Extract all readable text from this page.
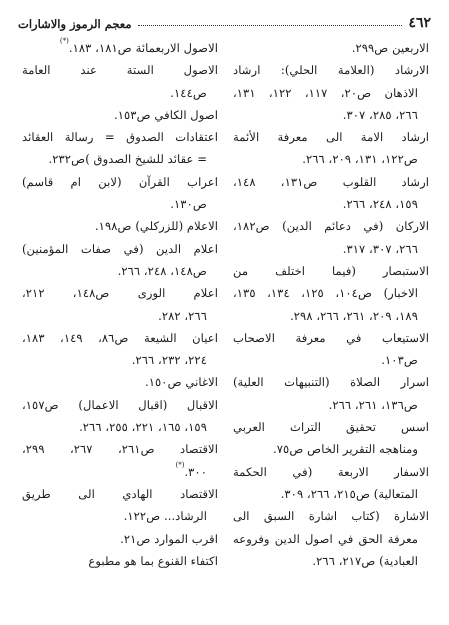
٤٦٢
معجم الرموز والاشارات
الاربعين ص٢٩٩.
الارشاد (العلامة الحلي): ارشاد
الاذهان ص٢٠، ١١٧، ١٢٢، ١٣١،
٢٦٦، ٢٨٥، ٣٠٧.
ارشاد الامة الى معرفة الأئمة
ص١٢٢، ١٣١، ٢٠٩، ٢٦٦.
ارشاد القلوب ص١٣١، ١٤٨،
١٥٩، ٢٤٨، ٢٦٦.
الاركان (في دعائم الدين) ص١٨٢،
٢٦٦، ٣٠٧، ٣١٧.
الاستبصار (فيما اختلف من
الاخبار) ص١٠٤، ١٢٥، ١٣٤، ١٣٥،
١٨٩، ٢٠٩، ٢٦١، ٢٦٦، ٢٩٨.
الاستيعاب في معرفة الاصحاب
ص١٠٣.
اسرار الصلاة (التنبيهات العلية)
ص١٣٦، ٢٦١، ٢٦٦.
اسس تحقيق التراث العربي
ومناهجه التقرير الخاص ص٧٥.
الاسفار الاربعة (في الحكمة
المتعالية) ص٢١٥، ٢٦٦، ٣٠٩.
الاشارة (كتاب اشارة السبق الى
معرفة الحق في اصول الدين وفروعه
العبادية) ص٢١٧، ٢٦٦.
الاصول الاربعمائة ص١٨١، ١٨٣.(*)
الاصول الستة عند العامة
ص١٤٤.
اصول الكافي ص١٥٣.
اعتقادات الصدوق = رسالة العقائد
= عقائد للشيخ الصدوق )ص٢٣٢.
اعراب القرآن (لابن ام قاسم)
ص١٣٠.
الاعلام (للزركلي) ص١٩٨.
اعلام الدين (في صفات المؤمنين)
ص١٤٨، ٢٤٨، ٢٦٦.
اعلام الورى ص١٤٨، ٢١٢،
٢٦٦، ٢٨٢.
اعيان الشيعة ص٨٦، ١٤٩، ١٨٣،
٢٢٤، ٢٣٢، ٢٦٦.
الاغاني ص١٥٠.
الاقبال (اقبال الاعمال) ص١٥٧،
١٥٩، ١٦٥، ٢٢١، ٢٥٥، ٢٦٦.
الاقتصاد ص٢٦١، ٢٦٧، ٢٩٩،
٣٠٠.(*)
الاقتصاد الهادي الى طريق
الرشاد... ص١٢٢.
اقرب الموارد ص٢١.
اكتفاء القنوع بما هو مطبوع
